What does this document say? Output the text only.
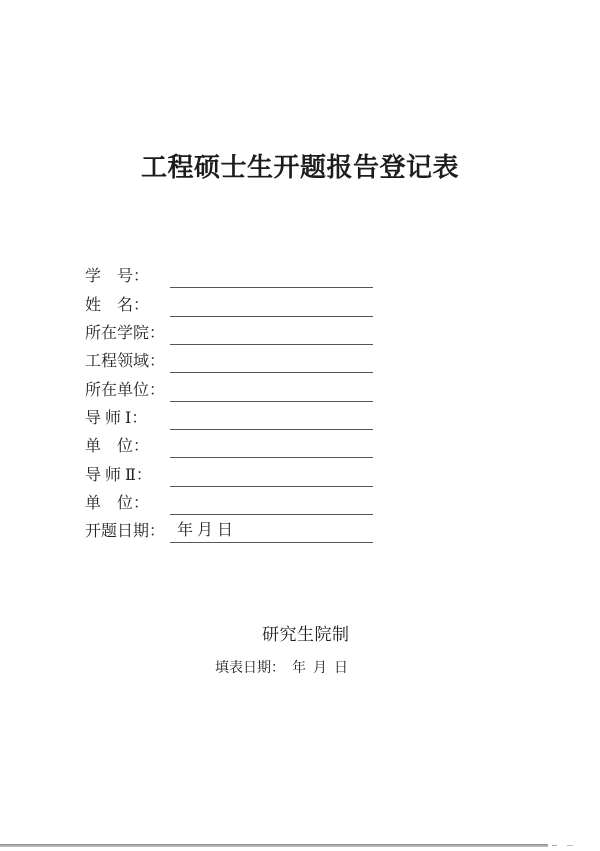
工程硕士生开题报告登记表
学　号：
姓　名：
所在学院：
工程领域：
所在单位：
导 师 Ⅰ：
单　位：
导 师 Ⅱ：
单　位：
开题日期： 年 月 日
研究生院制
填表日期：  年  月  日
